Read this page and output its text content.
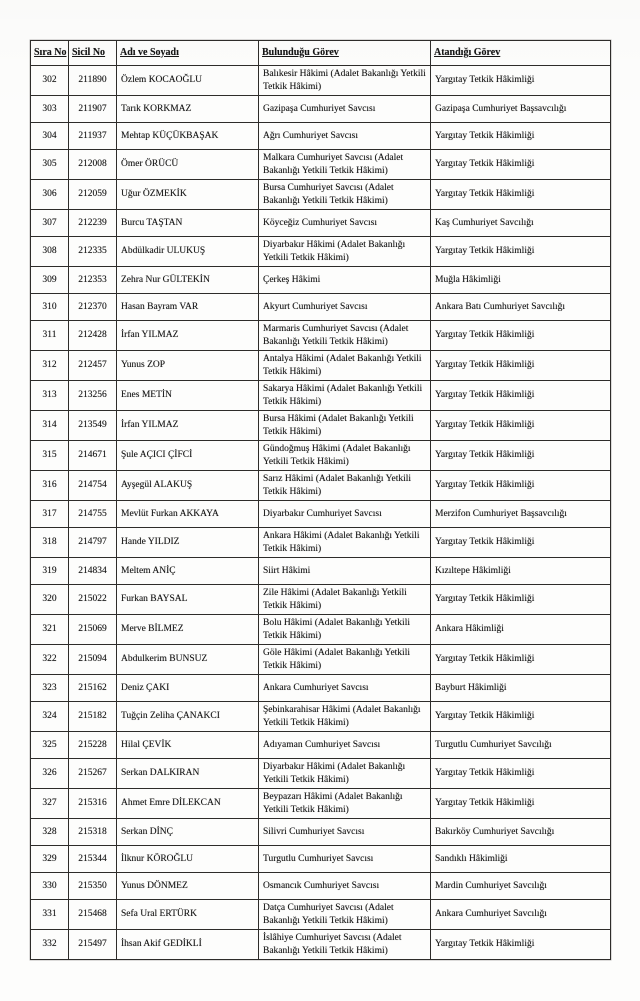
Sıra No	Sicil No	Adı ve Soyadı	Bulunduğu Görev	Atandığı Görev
302	211890	Özlem KOCAOĞLU	Balıkesir Hâkimi (Adalet Bakanlığı Yetkili Tetkik Hâkimi)	Yargıtay Tetkik Hâkimliği
303	211907	Tarık KORKMAZ	Gazipaşa Cumhuriyet Savcısı	Gazipaşa Cumhuriyet Başsavcılığı
304	211937	Mehtap KÜÇÜKBAŞAK	Ağrı Cumhuriyet Savcısı	Yargıtay Tetkik Hâkimliği
305	212008	Ömer ÖRÜCÜ	Malkara Cumhuriyet Savcısı (Adalet Bakanlığı Yetkili Tetkik Hâkimi)	Yargıtay Tetkik Hâkimliği
306	212059	Uğur ÖZMEKİK	Bursa Cumhuriyet Savcısı (Adalet Bakanlığı Yetkili Tetkik Hâkimi)	Yargıtay Tetkik Hâkimliği
307	212239	Burcu TAŞTAN	Köyceğiz Cumhuriyet Savcısı	Kaş Cumhuriyet Savcılığı
308	212335	Abdülkadir ULUKUŞ	Diyarbakır Hâkimi (Adalet Bakanlığı Yetkili Tetkik Hâkimi)	Yargıtay Tetkik Hâkimliği
309	212353	Zehra Nur GÜLTEKİN	Çerkeş Hâkimi	Muğla Hâkimliği
310	212370	Hasan Bayram VAR	Akyurt Cumhuriyet Savcısı	Ankara Batı Cumhuriyet Savcılığı
311	212428	İrfan YILMAZ	Marmaris Cumhuriyet Savcısı (Adalet Bakanlığı Yetkili Tetkik Hâkimi)	Yargıtay Tetkik Hâkimliği
312	212457	Yunus ZOP	Antalya Hâkimi (Adalet Bakanlığı Yetkili Tetkik Hâkimi)	Yargıtay Tetkik Hâkimliği
313	213256	Enes METİN	Sakarya Hâkimi (Adalet Bakanlığı Yetkili Tetkik Hâkimi)	Yargıtay Tetkik Hâkimliği
314	213549	İrfan YILMAZ	Bursa Hâkimi (Adalet Bakanlığı Yetkili Tetkik Hâkimi)	Yargıtay Tetkik Hâkimliği
315	214671	Şule AÇICI ÇİFCİ	Gündoğmuş Hâkimi (Adalet Bakanlığı Yetkili Tetkik Hâkimi)	Yargıtay Tetkik Hâkimliği
316	214754	Ayşegül ALAKUŞ	Sarız Hâkimi (Adalet Bakanlığı Yetkili Tetkik Hâkimi)	Yargıtay Tetkik Hâkimliği
317	214755	Mevlüt Furkan AKKAYA	Diyarbakır Cumhuriyet Savcısı	Merzifon Cumhuriyet Başsavcılığı
318	214797	Hande YILDIZ	Ankara Hâkimi (Adalet Bakanlığı Yetkili Tetkik Hâkimi)	Yargıtay Tetkik Hâkimliği
319	214834	Meltem ANİÇ	Siirt Hâkimi	Kızıltepe Hâkimliği
320	215022	Furkan BAYSAL	Zile Hâkimi (Adalet Bakanlığı Yetkili Tetkik Hâkimi)	Yargıtay Tetkik Hâkimliği
321	215069	Merve BİLMEZ	Bolu Hâkimi (Adalet Bakanlığı Yetkili Tetkik Hâkimi)	Ankara Hâkimliği
322	215094	Abdulkerim BUNSUZ	Göle Hâkimi (Adalet Bakanlığı Yetkili Tetkik Hâkimi)	Yargıtay Tetkik Hâkimliği
323	215162	Deniz ÇAKI	Ankara Cumhuriyet Savcısı	Bayburt Hâkimliği
324	215182	Tuğçin Zeliha ÇANAKCI	Şebinkarahisar Hâkimi (Adalet Bakanlığı Yetkili Tetkik Hâkimi)	Yargıtay Tetkik Hâkimliği
325	215228	Hilal ÇEVİK	Adıyaman Cumhuriyet Savcısı	Turgutlu Cumhuriyet Savcılığı
326	215267	Serkan DALKIRAN	Diyarbakır Hâkimi (Adalet Bakanlığı Yetkili Tetkik Hâkimi)	Yargıtay Tetkik Hâkimliği
327	215316	Ahmet Emre DİLEKCAN	Beypazarı Hâkimi (Adalet Bakanlığı Yetkili Tetkik Hâkimi)	Yargıtay Tetkik Hâkimliği
328	215318	Serkan DİNÇ	Silivri Cumhuriyet Savcısı	Bakırköy Cumhuriyet Savcılığı
329	215344	İlknur KÖROĞLU	Turgutlu Cumhuriyet Savcısı	Sandıklı Hâkimliği
330	215350	Yunus DÖNMEZ	Osmancık Cumhuriyet Savcısı	Mardin Cumhuriyet Savcılığı
331	215468	Sefa Ural ERTÜRK	Datça Cumhuriyet Savcısı (Adalet Bakanlığı Yetkili Tetkik Hâkimi)	Ankara Cumhuriyet Savcılığı
332	215497	İhsan Akif GEDİKLİ	İslâhiye Cumhuriyet Savcısı (Adalet Bakanlığı Yetkili Tetkik Hâkimi)	Yargıtay Tetkik Hâkimliği
